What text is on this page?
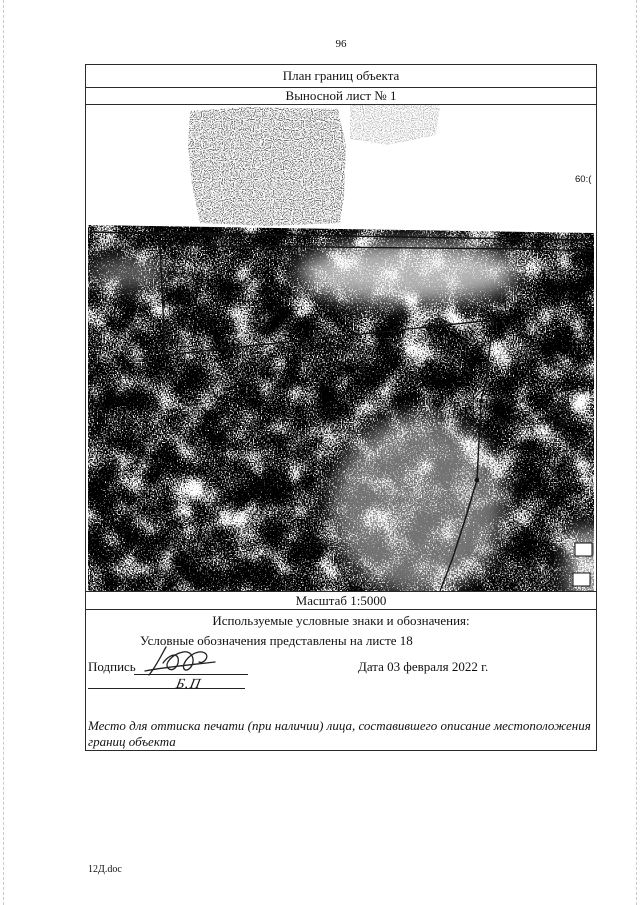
96
План границ объекта
Выносной лист № 1
60:03:0044801
60:60:03:0040101
60:(
Масштаб 1:5000
Используемые условные знаки и обозначения:
Условные обозначения представлены на листе 18
Подпись	Дата 03 февраля 2022 г.
Б.П
Место для оттиска печати (при наличии) лица, составившего описание местоположения границ объекта
12Д.doc
